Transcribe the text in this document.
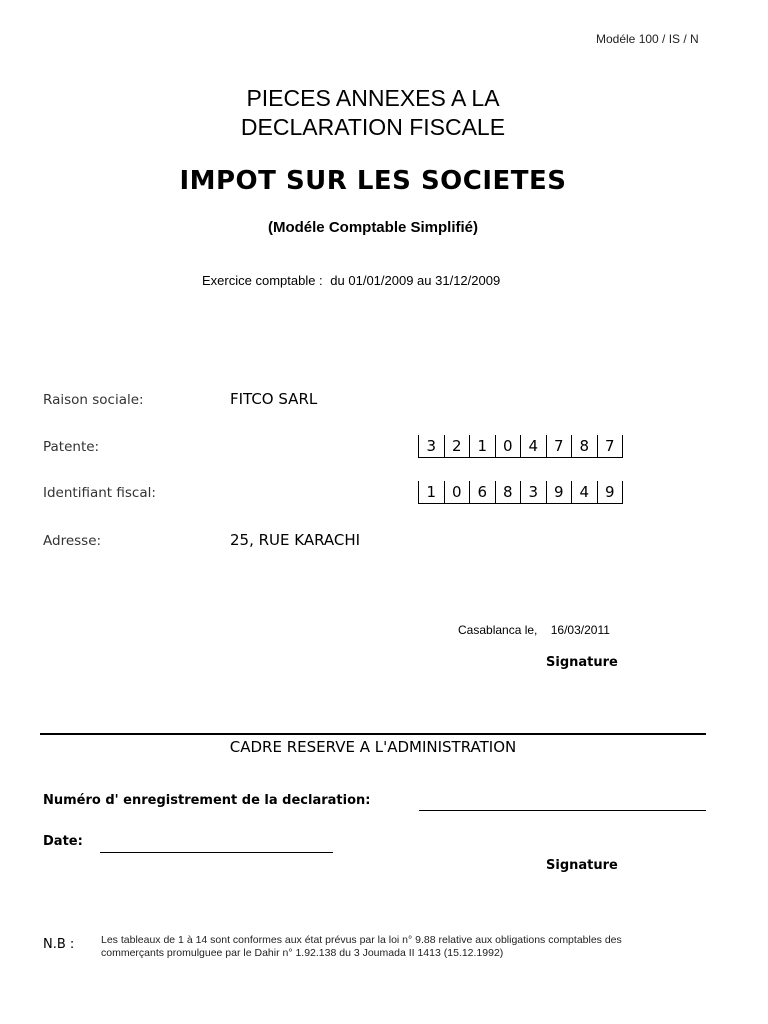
Modéle 100 / IS / N
PIECES ANNEXES A LA
DECLARATION FISCALE
IMPOT SUR LES SOCIETES
(Modéle Comptable Simplifié)
Exercice comptable : du 01/01/2009 au 31/12/2009
Raison sociale:	FITCO SARL
Patente:	3	2	1	0	4	7	8	7
Identifiant fiscal:	1	0	6	8	3	9	4	9
Adresse:	25, RUE KARACHI
Casablanca le, 16/03/2011
Signature
CADRE RESERVE A L'ADMINISTRATION
Numéro d' enregistrement de la declaration:
Date:
Signature
N.B :	Les tableaux de 1 à 14 sont conformes aux état prévus par la loi n° 9.88 relative aux obligations comptables des
commerçants promulguee par le Dahir n° 1.92.138 du 3 Joumada II 1413 (15.12.1992)
